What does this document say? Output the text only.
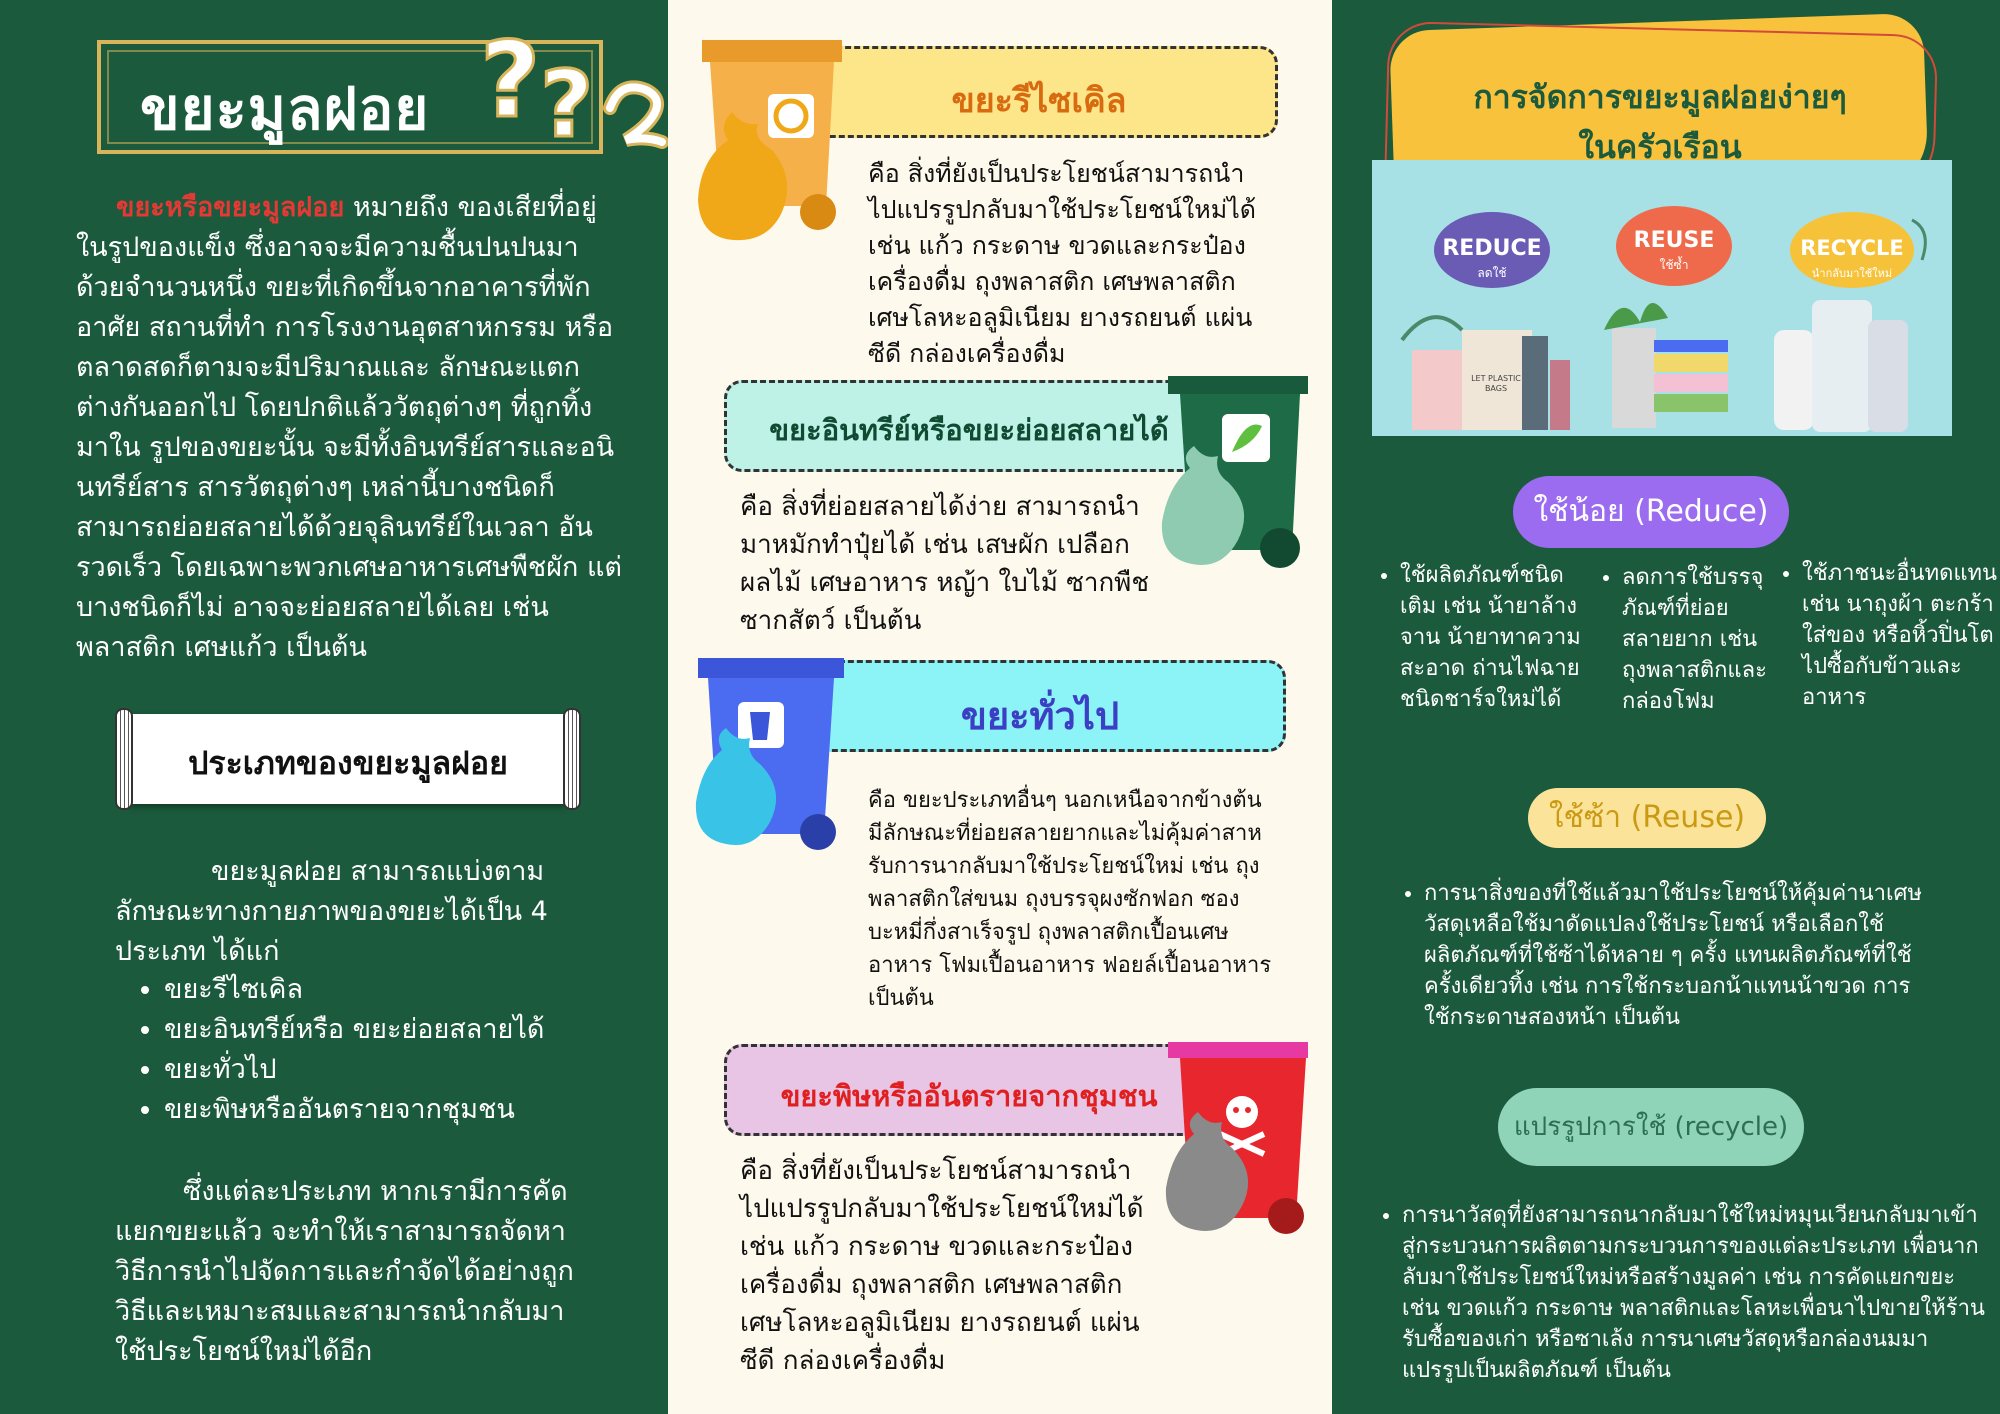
ขยะมูลฝอย ? ?
ขยะหรือขยะมูลฝอย หมายถึง ของเสียที่อยู่ในรูปของแข็ง ซึ่งอาจจะมีความชื้นปนปนมาด้วยจำนวนหนึ่ง ขยะที่เกิดขึ้นจากอาคารที่พักอาศัย สถานที่ทำ การโรงงานอุตสาหกรรม หรือตลาดสดก็ตามจะมีปริมาณและ ลักษณะแตกต่างกันออกไป โดยปกติแล้ววัตถุต่างๆ ที่ถูกทิ้งมาใน รูปของขยะนั้น จะมีทั้งอินทรีย์สารและอนินทรีย์สาร สารวัตถุต่างๆ เหล่านี้บางชนิดก็สามารถย่อยสลายได้ด้วยจุลินทรีย์ในเวลา อันรวดเร็ว โดยเฉพาะพวกเศษอาหารเศษพืชผัก แต่บางชนิดก็ไม่ อาจจะย่อยสลายได้เลย เช่น พลาสติก เศษแก้ว เป็นต้น
ประเภทของขยะมูลฝอย
ขยะมูลฝอย สามารถแบ่งตามลักษณะทางกายภาพของขยะได้เป็น 4 ประเภท ได้แก่
• ขยะรีไซเคิล
• ขยะอินทรีย์หรือ ขยะย่อยสลายได้
• ขยะทั่วไป
• ขยะพิษหรืออันตรายจากชุมชน
ซึ่งแต่ละประเภท หากเรามีการคัดแยกขยะแล้ว จะทำให้เราสามารถจัดหาวิธีการนำไปจัดการและกำจัดได้อย่างถูกวิธีและเหมาะสมและสามารถนำกลับมาใช้ประโยชน์ใหม่ได้อีก
ขยะรีไซเคิล
คือ สิ่งที่ยังเป็นประโยชน์สามารถนำไปแปรรูปกลับมาใช้ประโยชน์ใหม่ได้ เช่น แก้ว กระดาษ ขวดและกระป๋องเครื่องดื่ม ถุงพลาสติก เศษพลาสติก เศษโลหะอลูมิเนียม ยางรถยนต์ แผ่นซีดี กล่องเครื่องดื่ม
ขยะอินทรีย์หรือขยะย่อยสลายได้
คือ สิ่งที่ย่อยสลายได้ง่าย สามารถนำมาหมักทำปุ๋ยได้ เช่น เสษผัก เปลือกผลไม้ เศษอาหาร หญ้า ใบไม้ ซากพืช ซากสัตว์ เป็นต้น
ขยะทั่วไป
คือ ขยะประเภทอื่นๆ นอกเหนือจากข้างต้น มีลักษณะที่ย่อยสลายยากและไม่คุ้มค่าสาหรับการนากลับมาใช้ประโยชน์ใหม่ เช่น ถุงพลาสติกใส่ขนม ถุงบรรจุผงซักฟอก ซองบะหมี่กึ่งสาเร็จรูป ถุงพลาสติกเปื้อนเศษอาหาร โฟมเปื้อนอาหาร ฟอยล์เปื้อนอาหาร เป็นต้น
ขยะพิษหรืออันตรายจากชุมชน
คือ สิ่งที่ยังเป็นประโยชน์สามารถนำไปแปรรูปกลับมาใช้ประโยชน์ใหม่ได้ เช่น แก้ว กระดาษ ขวดและกระป๋องเครื่องดื่ม ถุงพลาสติก เศษพลาสติก เศษโลหะอลูมิเนียม ยางรถยนต์ แผ่นซีดี กล่องเครื่องดื่ม
REDUCE
ลดใช้
REUSE
ใช้ซ้ำ
RECYCLE
นำกลับมาใช้ใหม่
LET PLASTIC BAGS
การจัดการขยะมูลฝอยง่ายๆ
ในครัวเรือน
ใช้น้อย (Reduce)
• ใช้ผลิตภัณฑ์ชนิดเติม เช่น น้ายาล้างจาน น้ายาทาความสะอาด ถ่านไฟฉายชนิดชาร์จใหม่ได้
• ลดการใช้บรรจุภัณฑ์ที่ย่อยสลายยาก เช่น ถุงพลาสติกและกล่องโฟม
• ใช้ภาชนะอื่นทดแทน เช่น นาถุงผ้า ตะกร้าใส่ของ หรือหิ้วปิ่นโตไปซื้อกับข้าวและอาหาร
ใช้ซ้า (Reuse)
• การนาสิ่งของที่ใช้แล้วมาใช้ประโยชน์ให้คุ้มค่านาเศษวัสดุเหลือใช้มาดัดแปลงใช้ประโยชน์ หรือเลือกใช้ผลิตภัณฑ์ที่ใช้ซ้าได้หลาย ๆ ครั้ง แทนผลิตภัณฑ์ที่ใช้ครั้งเดียวทิ้ง เช่น การใช้กระบอกน้าแทนน้าขวด การใช้กระดาษสองหน้า เป็นต้น
แปรรูปการใช้ (recycle)
• การนาวัสดุที่ยังสามารถนากลับมาใช้ใหม่หมุนเวียนกลับมาเข้าสู่กระบวนการผลิตตามกระบวนการของแต่ละประเภท เพื่อนากลับมาใช้ประโยชน์ใหม่หรือสร้างมูลค่า เช่น การคัดแยกขยะ เช่น ขวดแก้ว กระดาษ พลาสติกและโลหะเพื่อนาไปขายให้ร้านรับซื้อของเก่า หรือซาเล้ง การนาเศษวัสดุหรือกล่องนมมาแปรรูปเป็นผลิตภัณฑ์ เป็นต้น
